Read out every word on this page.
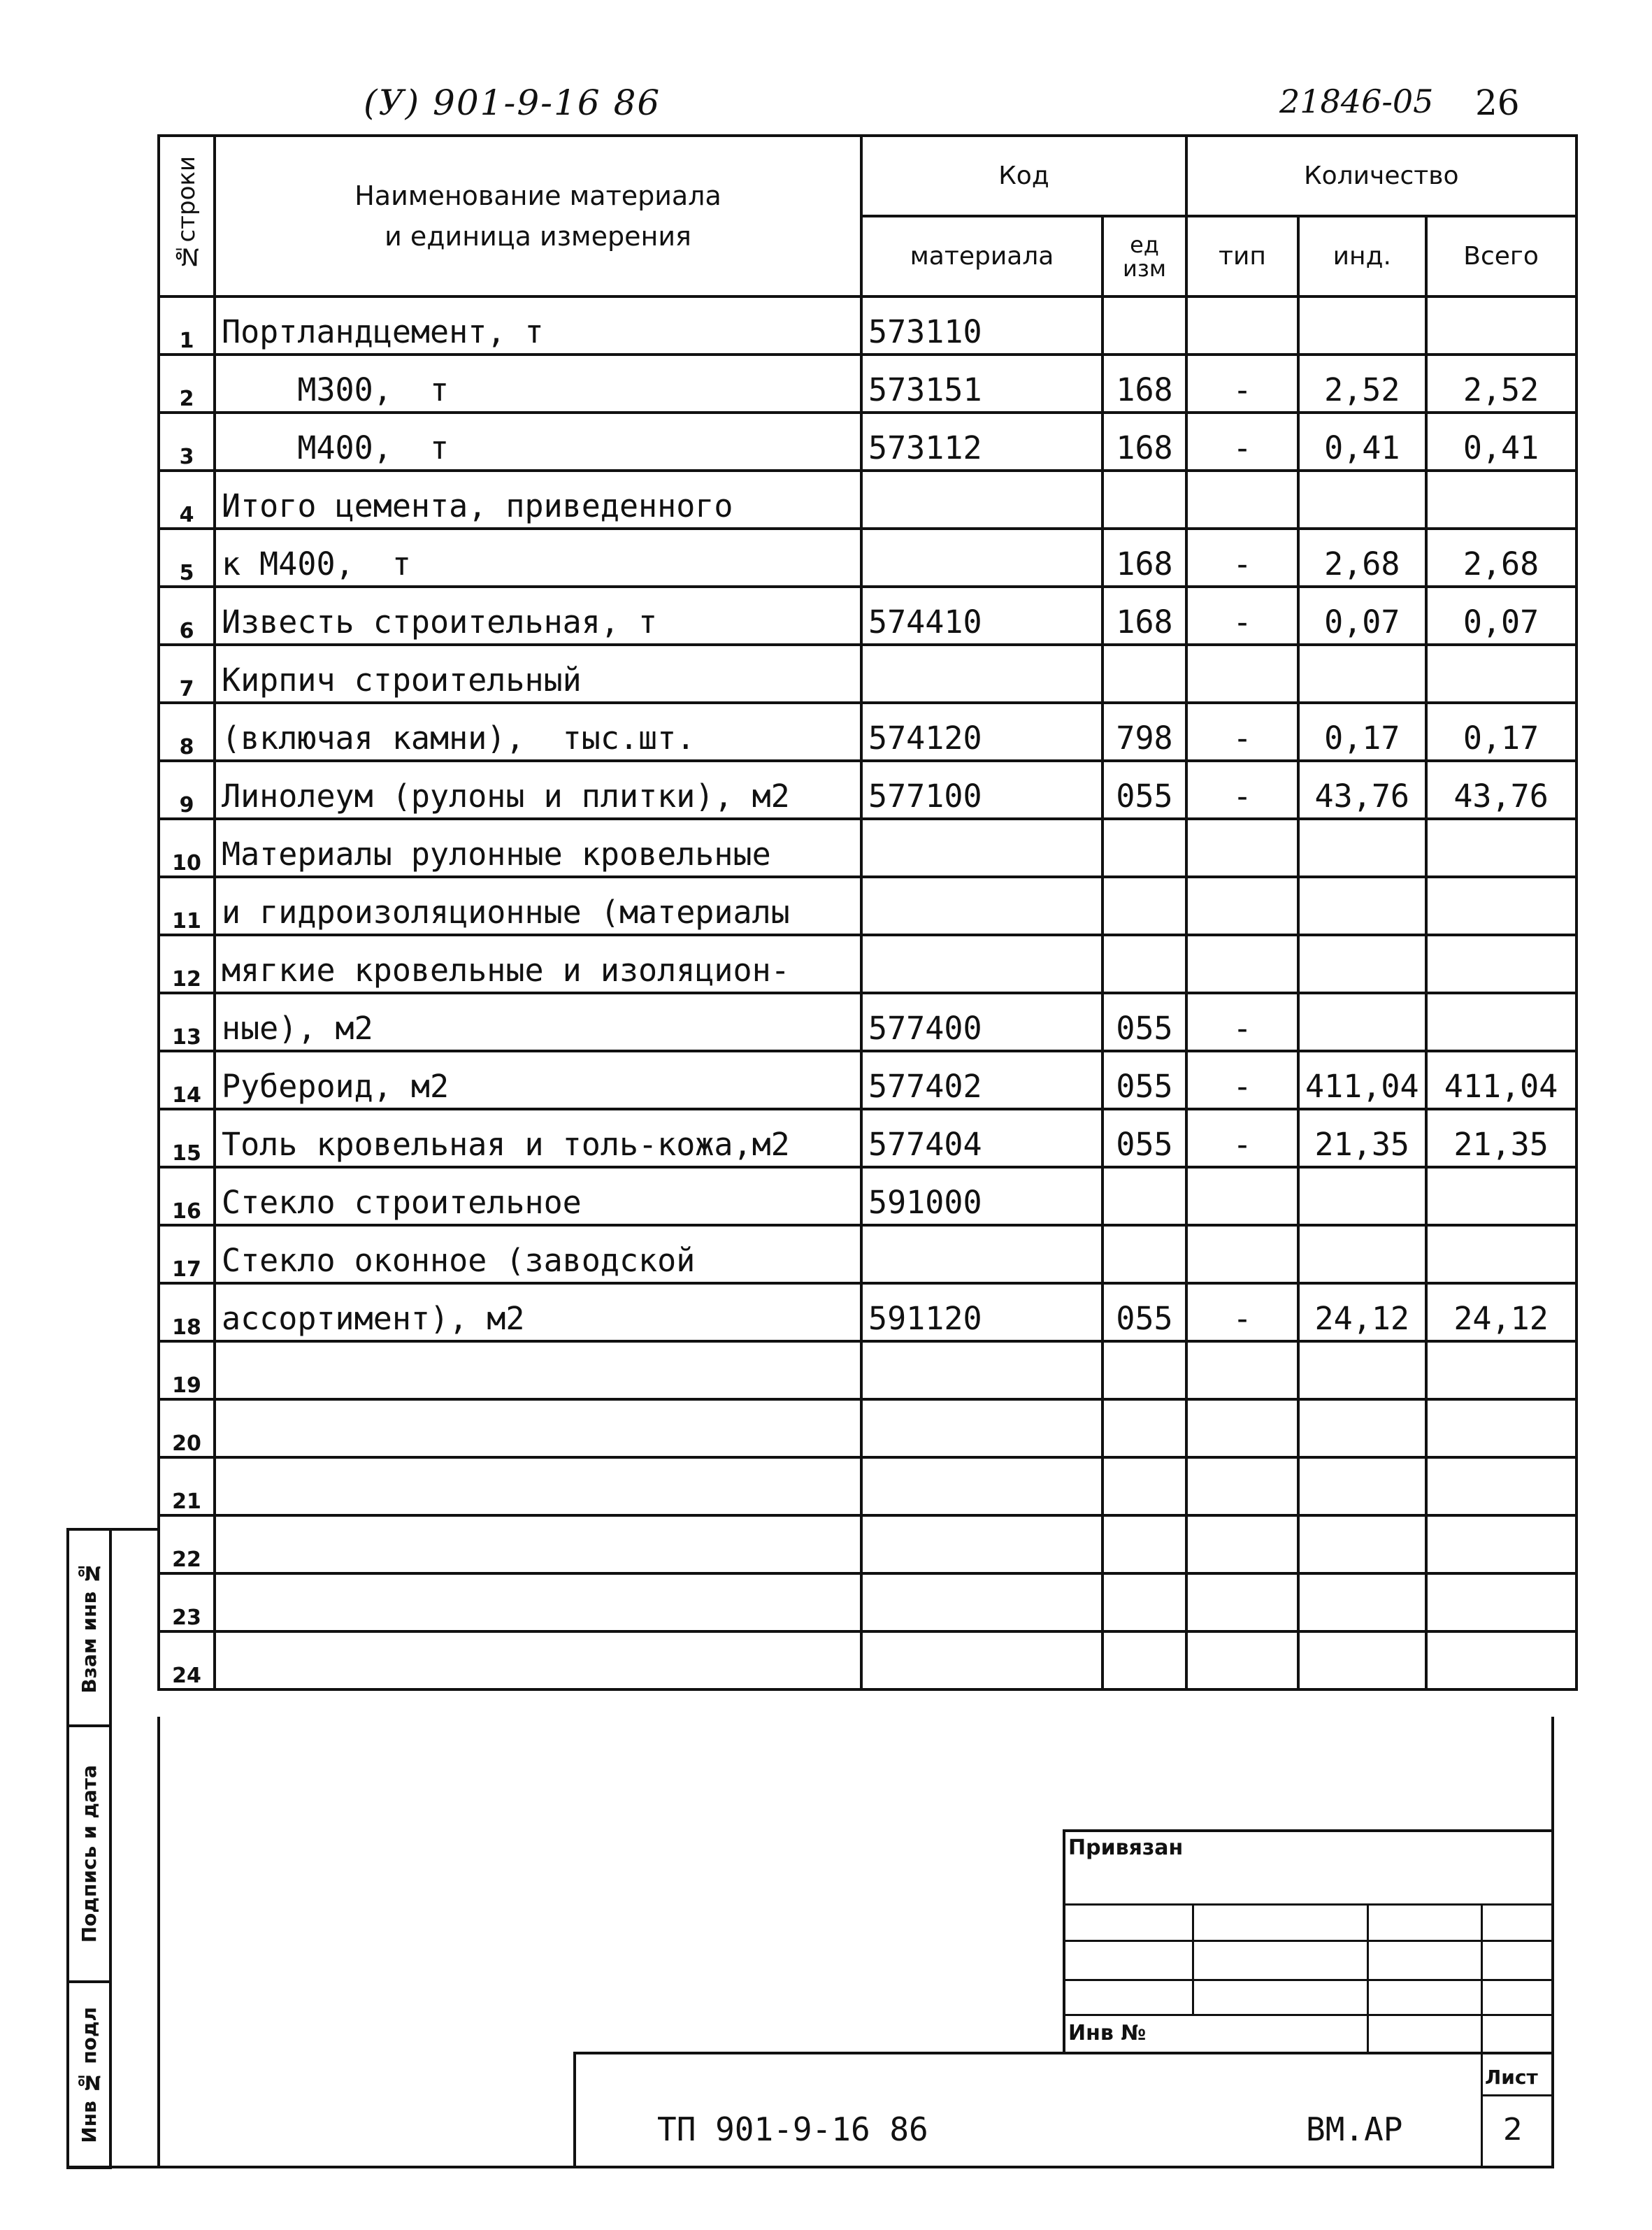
(У) 901-9-16 86	21846-05 26
№строки	Наименование материала
и единица измерения	Код		Количество		
		материала	ед изм	тип	инд.	Всего
1	Портландцемент, т	573110				
2	М300,  т	573151	168	-	2,52	2,52
3	М400,  т	573112	168	-	0,41	0,41
4	Итого цемента, приведенного					
5	к М400,  т		168	-	2,68	2,68
6	Известь строительная, т	574410	168	-	0,07	0,07
7	Кирпич строительный					
8	(включая камни),  тыс.шт.	574120	798	-	0,17	0,17
9	Линолеум (рулоны и плитки), м2	577100	055	-	43,76	43,76
10	Материалы рулонные кровельные					
11	и гидроизоляционные (материалы					
12	мягкие кровельные и изоляцион-					
13	ные), м2	577400	055	-		
14	Рубероид, м2	577402	055	-	411,04	411,04
15	Толь кровельная и толь-кожа,м2	577404	055	-	21,35	21,35
16	Стекло строительное	591000				
17	Стекло оконное (заводской					
18	ассортимент), м2	591120	055	-	24,12	24,12
19						
20						
21						
22						
23						
24						
Взам инв №
Подпись и дата
Инв № подл
Привязан
Инв №
Лист
2
ТП 901-9-16 86	ВМ.АР
